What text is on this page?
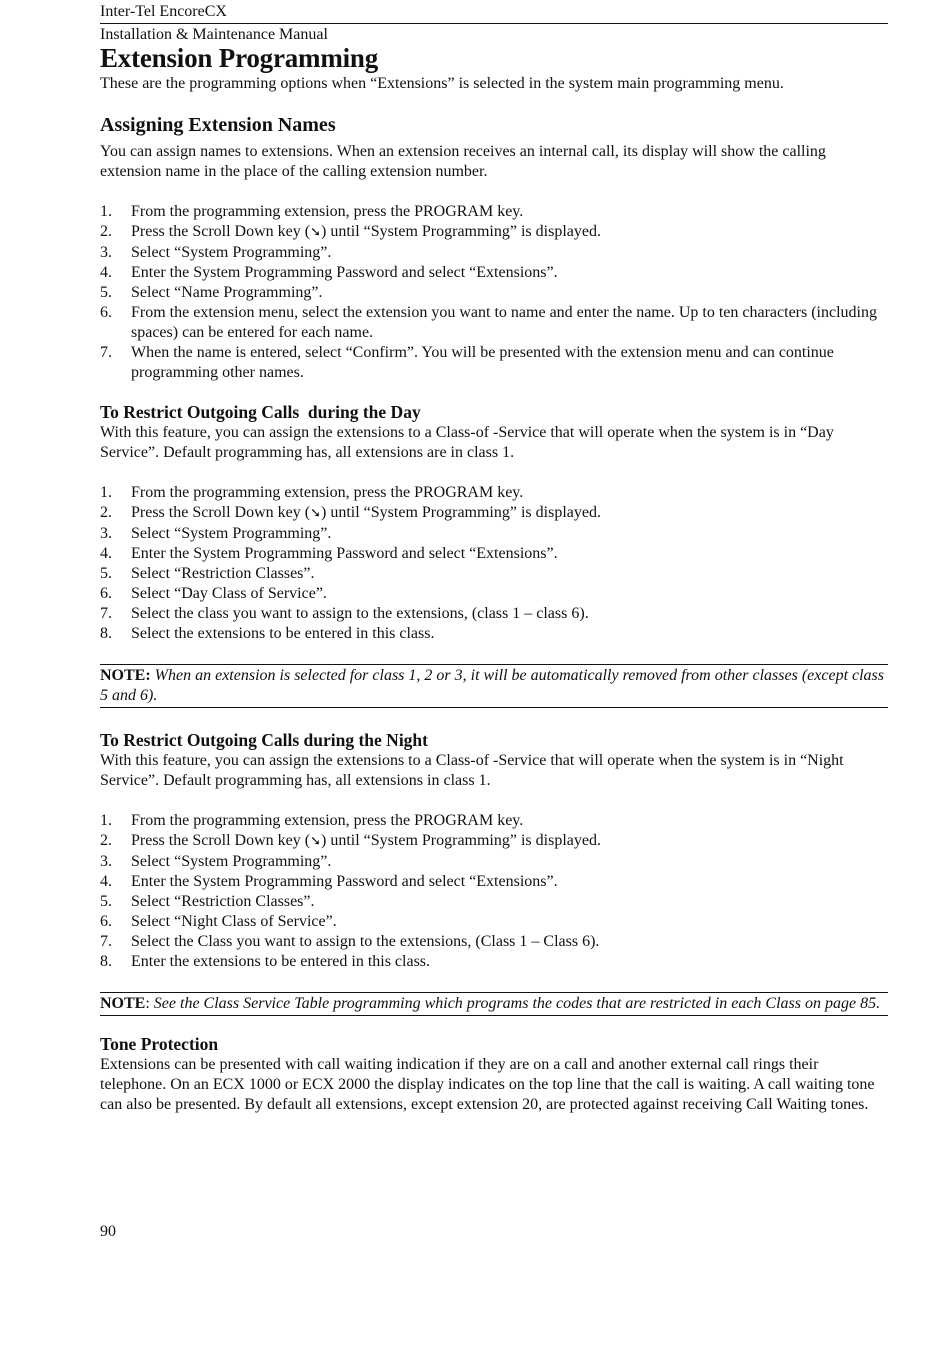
Inter-Tel EncoreCX
Installation & Maintenance Manual
Extension Programming

These are the programming options when “Extensions” is selected in the system main programming menu.

Assigning Extension Names

You can assign names to extensions. When an extension receives an internal call, its display will show the calling extension name in the place of the calling extension number.

1. From the programming extension, press the PROGRAM key.
2. Press the Scroll Down key (➘) until “System Programming” is displayed.
3. Select “System Programming”.
4. Enter the System Programming Password and select “Extensions”.
5. Select “Name Programming”.
6. From the extension menu, select the extension you want to name and enter the name. Up to ten characters (including spaces) can be entered for each name.
7. When the name is entered, select “Confirm”. You will be presented with the extension menu and can continue programming other names.
To Restrict Outgoing Calls  during the Day

With this feature, you can assign the extensions to a Class-of -Service that will operate when the system is in “Day Service”. Default programming has, all extensions are in class 1.

1. From the programming extension, press the PROGRAM key.
2. Press the Scroll Down key (➘) until “System Programming” is displayed.
3. Select “System Programming”.
4. Enter the System Programming Password and select “Extensions”.
5. Select “Restriction Classes”.
6. Select “Day Class of Service”.
7. Select the class you want to assign to the extensions, (class 1 – class 6).
8. Select the extensions to be entered in this class.
NOTE: When an extension is selected for class 1, 2 or 3, it will be automatically removed from other classes (except class 5 and 6).
To Restrict Outgoing Calls during the Night

With this feature, you can assign the extensions to a Class-of -Service that will operate when the system is in “Night Service”. Default programming has, all extensions in class 1.

1. From the programming extension, press the PROGRAM key.
2. Press the Scroll Down key (➘) until “System Programming” is displayed.
3. Select “System Programming”.
4. Enter the System Programming Password and select “Extensions”.
5. Select “Restriction Classes”.
6. Select “Night Class of Service”.
7. Select the Class you want to assign to the extensions, (Class 1 – Class 6).
8. Enter the extensions to be entered in this class.
NOTE: See the Class Service Table programming which programs the codes that are restricted in each Class on page 85.
Tone Protection

Extensions can be presented with call waiting indication if they are on a call and another external call rings their telephone. On an ECX 1000 or ECX 2000 the display indicates on the top line that the call is waiting. A call waiting tone can also be presented. By default all extensions, except extension 20, are protected against receiving Call Waiting tones.

90
